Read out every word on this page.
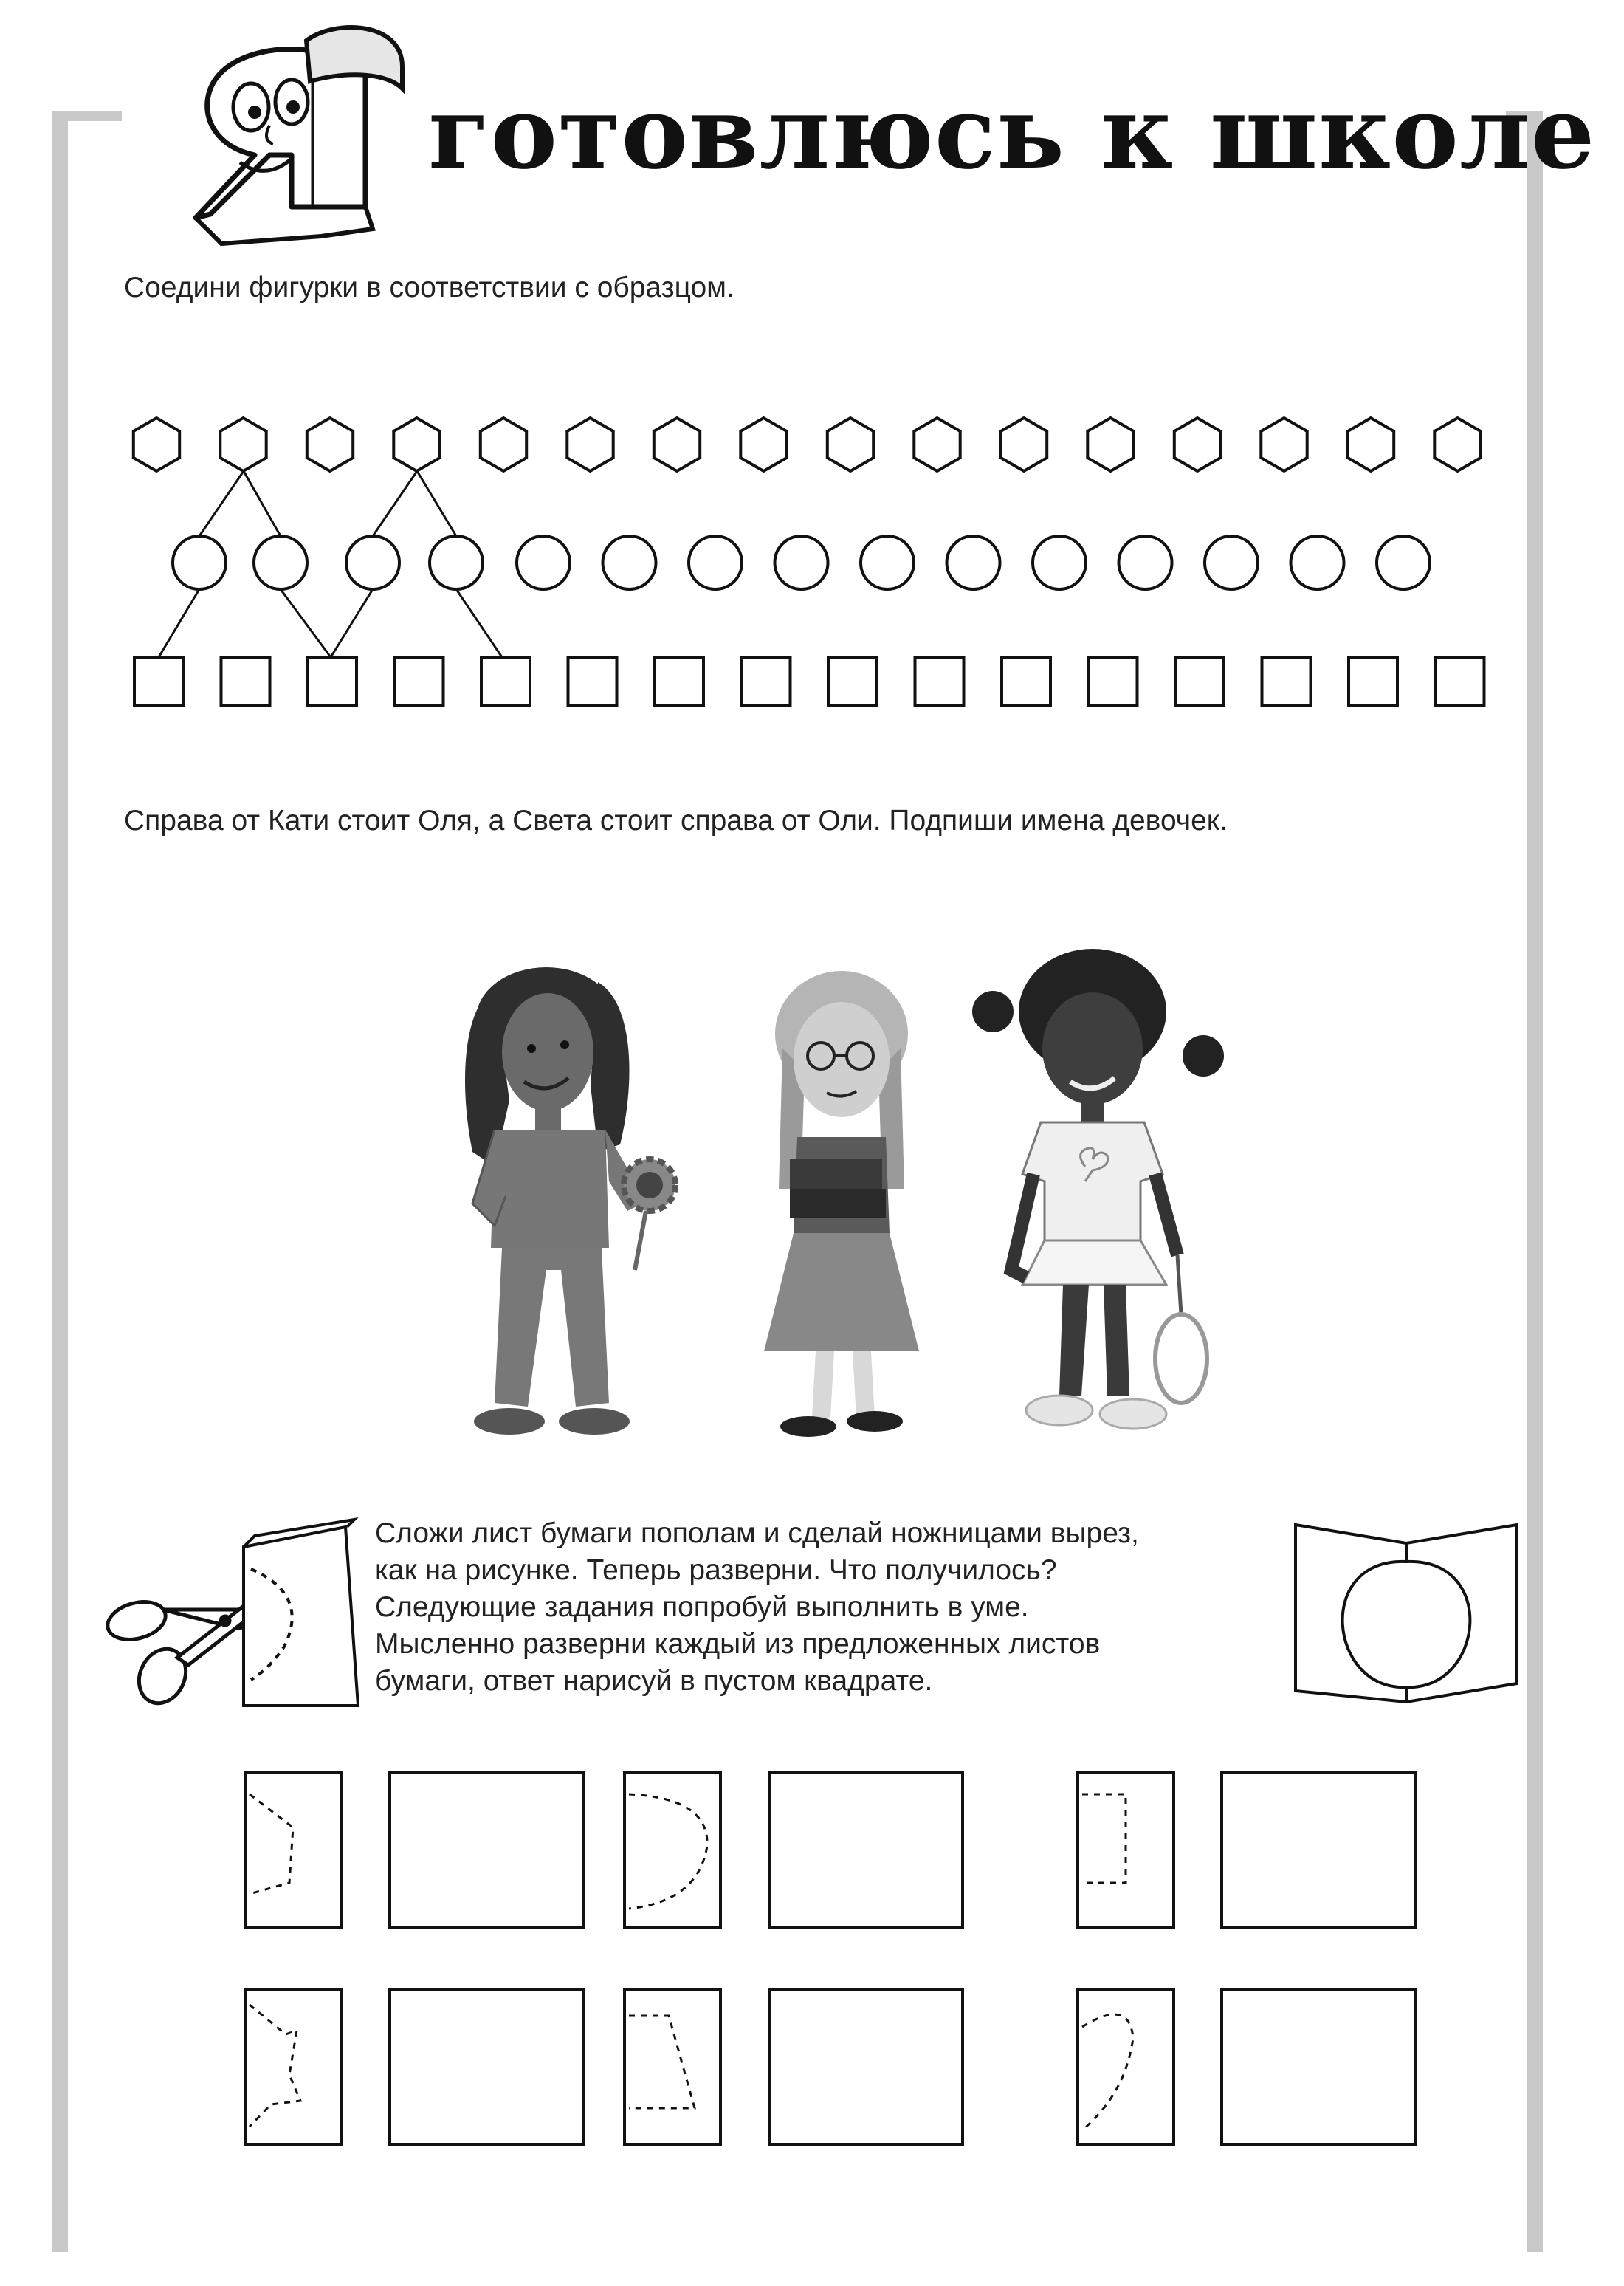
готовлюсь к школе
Соедини фигурки в соответствии с образцом.
Справа от Кати стоит Оля, а Света стоит справа от Оли. Подпиши имена девочек.
Сложи лист бумаги пополам и сделай ножницами вырез,
как на рисунке. Теперь разверни. Что получилось?
Следующие задания попробуй выполнить в уме.
Мысленно разверни каждый из предложенных листов
бумаги, ответ нарисуй в пустом квадрате.
